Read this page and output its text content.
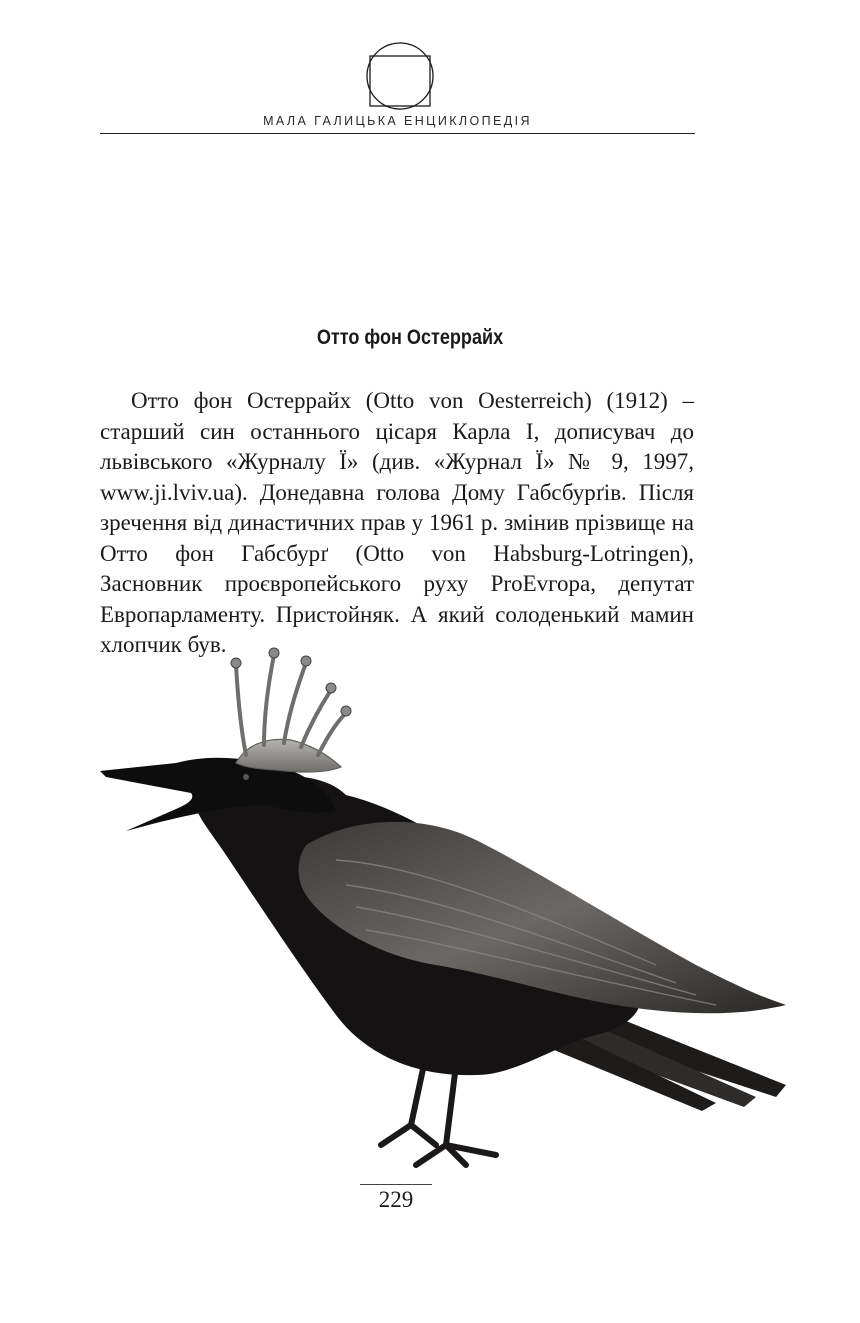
МАЛА ГАЛИЦЬКА ЕНЦИКЛОПЕДІЯ
Отто фон Остеррайх

Отто фон Остеррайх (Otto von Oesterreich) (1912) – старший син останнього цісаря Карла I, дописувач до львівського «Журналу Ї» (див. «Журнал Ї» № 9, 1997, www.ji.lviv.ua). Донедавна голова Дому Габсбурґів. Після зречення від династичних прав у 1961 р. змінив прізвище на Отто фон Габсбурґ (Otto von Habsburg-Lotringen), Засновник проєвропейського руху ProEvгора, депутат Европарламенту. Пристойняк. А який солоденький мамин хлопчик був.

229
